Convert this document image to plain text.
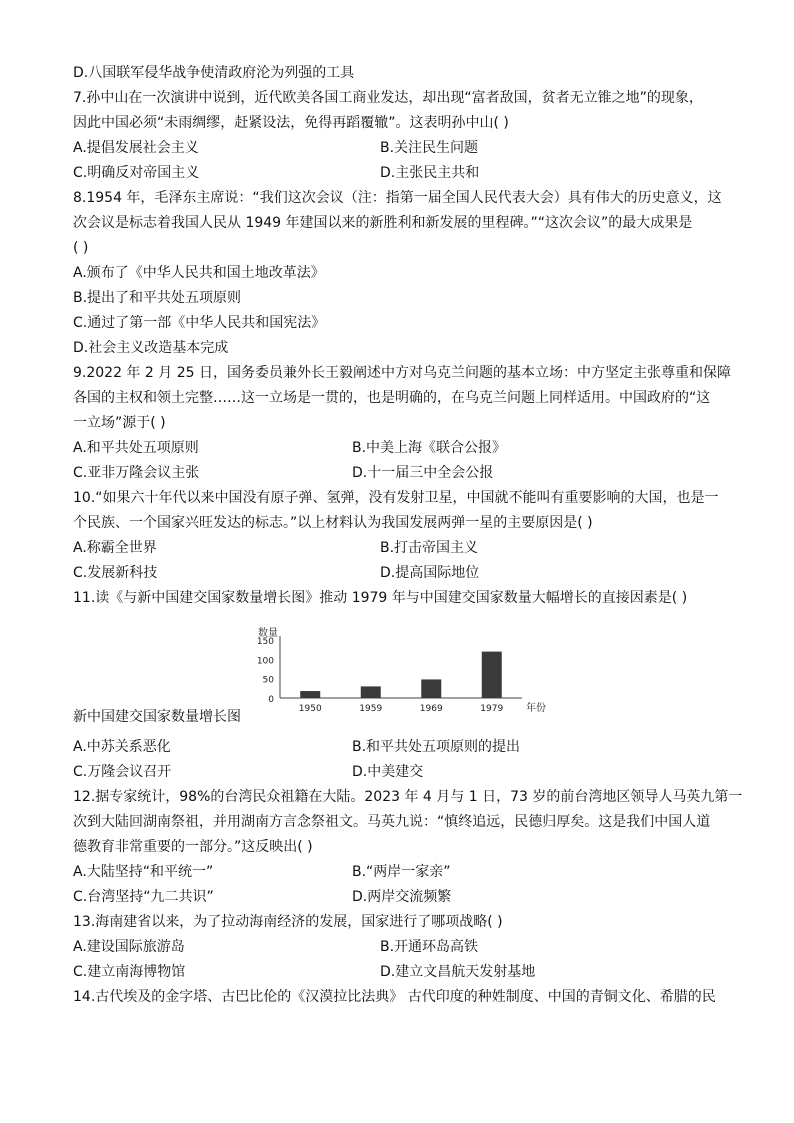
D.八国联军侵华战争使清政府沦为列强的工具
7.孙中山在一次演讲中说到，近代欧美各国工商业发达，却出现“富者敌国，贫者无立锥之地”的现象，
因此中国必须“未雨绸缪，赶紧设法，免得再蹈覆辙”。这表明孙中山( )
A.提倡发展社会主义	B.关注民生问题
C.明确反对帝国主义	D.主张民主共和
8.1954 年，毛泽东主席说：“我们这次会议（注：指第一届全国人民代表大会）具有伟大的历史意义，这
次会议是标志着我国人民从 1949 年建国以来的新胜利和新发展的里程碑。”“这次会议”的最大成果是
( )
A.颁布了《中华人民共和国土地改革法》
B.提出了和平共处五项原则
C.通过了第一部《中华人民共和国宪法》
D.社会主义改造基本完成
9.2022 年 2 月 25 日，国务委员兼外长王毅阐述中方对乌克兰问题的基本立场：中方坚定主张尊重和保障
各国的主权和领土完整……这一立场是一贯的，也是明确的，在乌克兰问题上同样适用。中国政府的“这
一立场”源于( )
A.和平共处五项原则	B.中美上海《联合公报》
C.亚非万隆会议主张	D.十一届三中全会公报
10.“如果六十年代以来中国没有原子弹、氢弹，没有发射卫星，中国就不能叫有重要影响的大国，也是一
个民族、一个国家兴旺发达的标志。”以上材料认为我国发展两弹一星的主要原因是( )
A.称霸全世界	B.打击帝国主义
C.发展新科技	D.提高国际地位
11.读《与新中国建交国家数量增长图》推动 1979 年与中国建交国家数量大幅增长的直接因素是( )
数量
150
100
50
0
1950	1959	1969	1979 年份
新中国建交国家数量增长图
A.中苏关系恶化	B.和平共处五项原则的提出
C.万隆会议召开	D.中美建交
12.据专家统计，98%的台湾民众祖籍在大陆。2023 年 4 月与 1 日，73 岁的前台湾地区领导人马英九第一
次到大陆回湖南祭祖，并用湖南方言念祭祖文。马英九说：“慎终追远，民德归厚矣。这是我们中国人道
德教育非常重要的一部分。”这反映出( )
A.大陆坚持“和平统一”	B.“两岸一家亲”
C.台湾坚持“九二共识”	D.两岸交流频繁
13.海南建省以来，为了拉动海南经济的发展，国家进行了哪项战略( )
A.建设国际旅游岛	B.开通环岛高铁
C.建立南海博物馆	D.建立文昌航天发射基地
14.古代埃及的金字塔、古巴比伦的《汉漠拉比法典》 古代印度的种姓制度、中国的青铜文化、希腊的民
